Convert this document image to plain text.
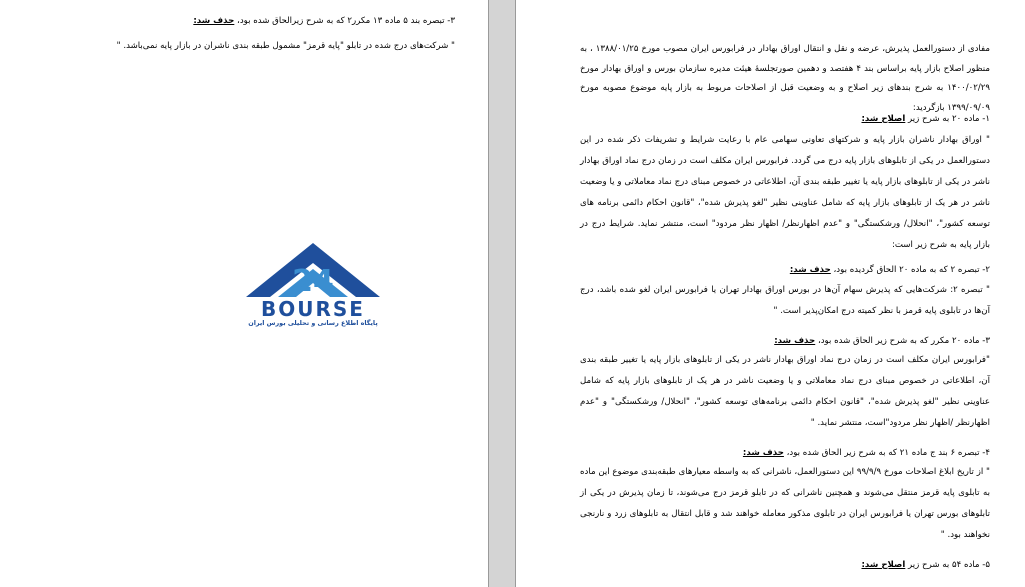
۳- تبصره بند ۵ ماده ۱۳ مکرر۲ که به شرح زیرالحاق شده بود، حذف شد:
" شرکت‌های درج شده در تابلو "پایه قرمز" مشمول طبقه بندی ناشران در بازار پایه نمی‌باشد. "
24
BOURSE
پایگاه اطلاع رسانی و تحلیلی بورس ایران
مفادی از دستورالعمل پذیرش، عرضه و نقل و انتقال اوراق بهادار در فرابورس ایران مصوب مورخ ۱۳۸۸/۰۱/۲۵ ، به منظور اصلاح بازار پایه براساس بند ۴ هفتصد و دهمین صورتجلسهٔ هیئت مدیره سازمان بورس و اوراق بهادار مورخ ۱۴۰۰/۰۲/۲۹ به شرح بندهای زیر اصلاح و به وضعیت قبل از اصلاحات مربوط به بازار پایه موضوع مصوبه مورخ ۱۳۹۹/۰۹/۰۹ بازگردید:
۱- ماده ۲۰ به شرح زیر اصلاح شد:
" اوراق بهادار ناشران بازار پایه و شرکتهای تعاونی سهامی عام با رعایت شرایط و تشریفات ذکر شده در این دستورالعمل در یکی از تابلوهای بازار پایه درج می گردد. فرابورس ایران مکلف است در زمان درج نماد اوراق بهادار ناشر در یکی از تابلوهای بازار پایه یا تغییر طبقه بندی آن، اطلاعاتی در خصوص مبنای درج نماد معاملاتی و یا وضعیت ناشر در هر یک از تابلوهای بازار پایه که شامل عناوینی نظیر "لغو پذیرش شده"، "قانون احکام دائمی برنامه های توسعه کشور"، "انحلال/ ورشکستگی" و "عدم اظهارنظر/ اظهار نظر مردود" است، منتشر نماید. شرایط درج در بازار پایه به شرح زیر است:
۲- تبصره ۲ که به ماده ۲۰ الحاق گردیده بود، حذف شد:
" تبصره ۲: شرکت‌هایی که پذیرش سهام آن‌ها در بورس اوراق بهادار تهران یا فرابورس ایران لغو شده باشد، درج آن‌ها در تابلوی پایه قرمز با نظر کمیته درج امکان‌پذیر است. "
۳- ماده ۲۰ مکرر که به شرح زیر الحاق شده بود، حذف شد:
"فرابورس ایران مکلف است در زمان درج نماد اوراق بهادار ناشر در یکی از تابلوهای بازار پایه یا تغییر طبقه بندی آن، اطلاعاتی در خصوص مبنای درج نماد معاملاتی و یا وضعیت ناشر در هر یک از تابلوهای بازار پایه که شامل عناوینی نظیر "لغو پذیرش شده"، "قانون احکام دائمی برنامه‌های توسعه کشور"، "انحلال/ ورشکستگی" و "عدم اظهارنظر /اظهار نظر مردود"است، منتشر نماید. "
۴- تبصره ۶ بند ج ماده ۲۱ که به شرح زیر الحاق شده بود، حذف شد:
" از تاریخ ابلاغ اصلاحات مورخ ۹۹/۹/۹ این دستورالعمل، ناشرانی که به واسطه معیارهای طبقه‌بندی موضوع این ماده به تابلوی پایه قرمز منتقل می‌شوند و همچنین ناشرانی که در تابلو قرمز درج می‌شوند، تا زمان پذیرش در یکی از تابلوهای بورس تهران یا فرابورس ایران در تابلوی مذکور معامله خواهند شد و قابل انتقال به تابلوهای زرد و نارنجی نخواهند بود. "
۵- ماده ۵۴ به شرح زیر اصلاح شد:
